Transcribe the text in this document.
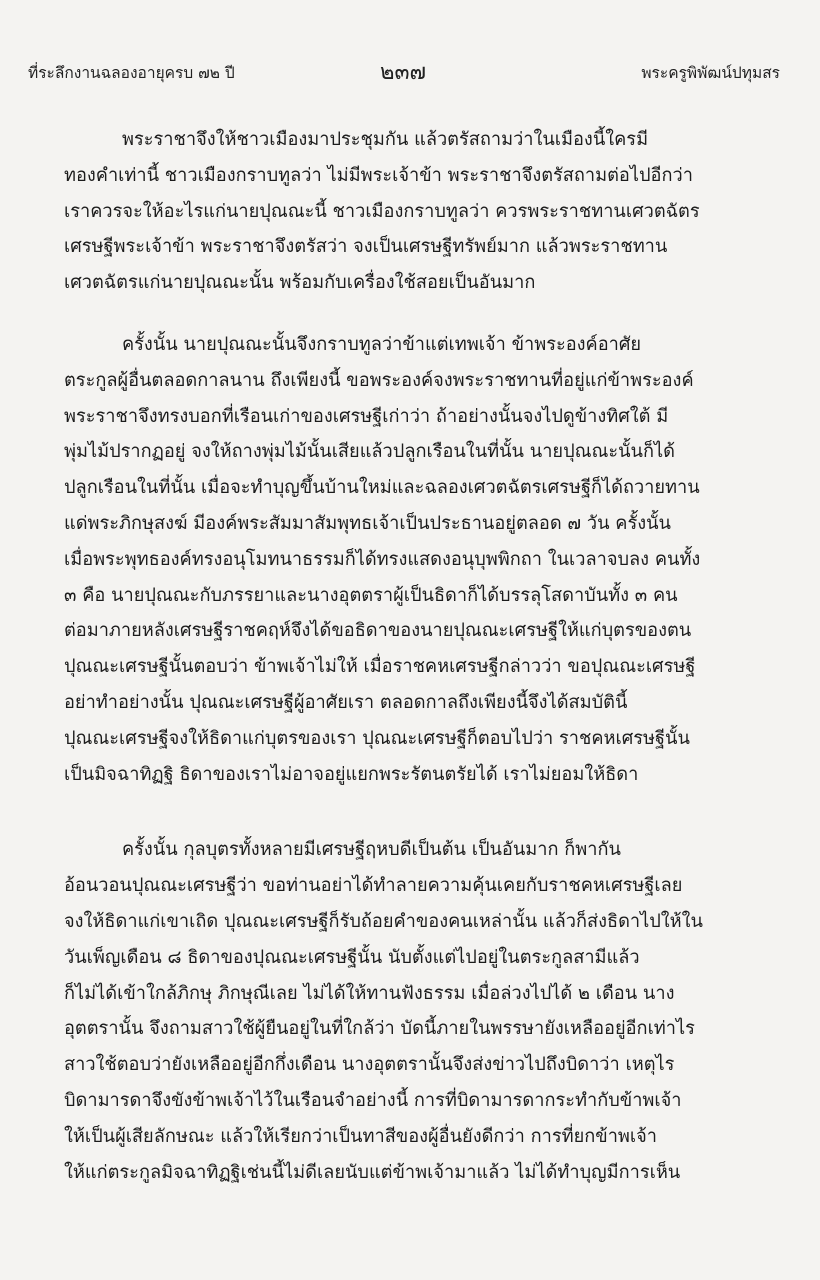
ที่ระลึกงานฉลองอายุครบ ๗๒ ปี	๒๓๗	พระครูพิพัฒน์ปทุมสร
พระราชาจึงให้ชาวเมืองมาประชุมกัน แล้วตรัสถามว่าในเมืองนี้ใครมี
ทองคำเท่านี้ ชาวเมืองกราบทูลว่า ไม่มีพระเจ้าข้า พระราชาจึงตรัสถามต่อไปอีกว่า
เราควรจะให้อะไรแก่นายปุณณะนี้ ชาวเมืองกราบทูลว่า ควรพระราชทานเศวตฉัตร
เศรษฐีพระเจ้าข้า พระราชาจึงตรัสว่า จงเป็นเศรษฐีทรัพย์มาก แล้วพระราชทาน
เศวตฉัตรแก่นายปุณณะนั้น พร้อมกับเครื่องใช้สอยเป็นอันมาก
ครั้งนั้น นายปุณณะนั้นจึงกราบทูลว่าข้าแต่เทพเจ้า ข้าพระองค์อาศัย
ตระกูลผู้อื่นตลอดกาลนาน ถึงเพียงนี้ ขอพระองค์จงพระราชทานที่อยู่แก่ข้าพระองค์
พระราชาจึงทรงบอกที่เรือนเก่าของเศรษฐีเก่าว่า ถ้าอย่างนั้นจงไปดูข้างทิศใต้ มี
พุ่มไม้ปรากฏอยู่ จงให้ถางพุ่มไม้นั้นเสียแล้วปลูกเรือนในที่นั้น นายปุณณะนั้นก็ได้
ปลูกเรือนในที่นั้น เมื่อจะทำบุญขึ้นบ้านใหม่และฉลองเศวตฉัตรเศรษฐีก็ได้ถวายทาน
แด่พระภิกษุสงฆ์ มีองค์พระสัมมาสัมพุทธเจ้าเป็นประธานอยู่ตลอด ๗ วัน ครั้งนั้น
เมื่อพระพุทธองค์ทรงอนุโมทนาธรรมก็ได้ทรงแสดงอนุบุพพิกถา ในเวลาจบลง คนทั้ง
๓ คือ นายปุณณะกับภรรยาและนางอุตตราผู้เป็นธิดาก็ได้บรรลุโสดาบันทั้ง ๓ คน
ต่อมาภายหลังเศรษฐีราชคฤห์จึงได้ขอธิดาของนายปุณณะเศรษฐีให้แก่บุตรของตน
ปุณณะเศรษฐีนั้นตอบว่า ข้าพเจ้าไม่ให้ เมื่อราชคหเศรษฐีกล่าวว่า ขอปุณณะเศรษฐี
อย่าทำอย่างนั้น ปุณณะเศรษฐีผู้อาศัยเรา ตลอดกาลถึงเพียงนี้จึงได้สมบัตินี้
ปุณณะเศรษฐีจงให้ธิดาแก่บุตรของเรา ปุณณะเศรษฐีก็ตอบไปว่า ราชคหเศรษฐีนั้น
เป็นมิจฉาทิฏฐิ ธิดาของเราไม่อาจอยู่แยกพระรัตนตรัยได้ เราไม่ยอมให้ธิดา
ครั้งนั้น กุลบุตรทั้งหลายมีเศรษฐีฤหบดีเป็นต้น เป็นอันมาก ก็พากัน
อ้อนวอนปุณณะเศรษฐีว่า ขอท่านอย่าได้ทำลายความคุ้นเคยกับราชคหเศรษฐีเลย
จงให้ธิดาแก่เขาเถิด ปุณณะเศรษฐีก็รับถ้อยคำของคนเหล่านั้น แล้วก็ส่งธิดาไปให้ใน
วันเพ็ญเดือน ๘ ธิดาของปุณณะเศรษฐีนั้น นับตั้งแต่ไปอยู่ในตระกูลสามีแล้ว
ก็ไม่ได้เข้าใกล้ภิกษุ ภิกษุณีเลย ไม่ได้ให้ทานฟังธรรม เมื่อล่วงไปได้ ๒ เดือน นาง
อุตตรานั้น จึงถามสาวใช้ผู้ยืนอยู่ในที่ใกล้ว่า บัดนี้ภายในพรรษายังเหลืออยู่อีกเท่าไร
สาวใช้ตอบว่ายังเหลืออยู่อีกกึ่งเดือน นางอุตตรานั้นจึงส่งข่าวไปถึงบิดาว่า เหตุไร
บิดามารดาจึงขังข้าพเจ้าไว้ในเรือนจำอย่างนี้ การที่บิดามารดากระทำกับข้าพเจ้า
ให้เป็นผู้เสียลักษณะ แล้วให้เรียกว่าเป็นทาสีของผู้อื่นยังดีกว่า การที่ยกข้าพเจ้า
ให้แก่ตระกูลมิจฉาทิฏฐิเช่นนี้ไม่ดีเลยนับแต่ข้าพเจ้ามาแล้ว ไม่ได้ทำบุญมีการเห็น
